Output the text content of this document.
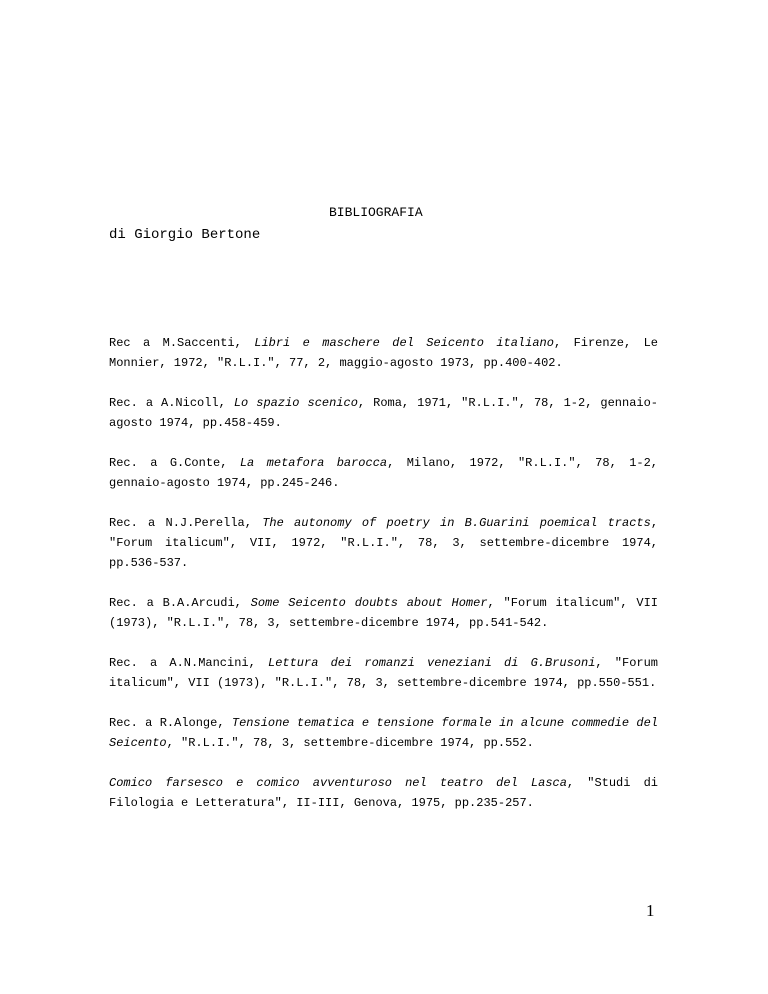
BIBLIOGRAFIA
di Giorgio Bertone

Rec a M.Saccenti, Libri e maschere del Seicento italiano, Firenze, Le Monnier, 1972, "R.L.I.", 77, 2, maggio-agosto 1973, pp.400-402.

Rec. a A.Nicoll, Lo spazio scenico, Roma, 1971, "R.L.I.", 78, 1-2, gennaio-agosto 1974, pp.458-459.

Rec. a G.Conte, La metafora barocca, Milano, 1972, "R.L.I.", 78, 1-2, gennaio-agosto 1974, pp.245-246.

Rec. a N.J.Perella, The autonomy of poetry in B.Guarini poemical tracts, "Forum italicum", VII, 1972, "R.L.I.", 78, 3, settembre-dicembre 1974, pp.536-537.

Rec. a B.A.Arcudi, Some Seicento doubts about Homer, "Forum italicum", VII (1973), "R.L.I.", 78, 3, settembre-dicembre 1974, pp.541-542.

Rec. a A.N.Mancini, Lettura dei romanzi veneziani di G.Brusoni, "Forum italicum", VII (1973), "R.L.I.", 78, 3, settembre-dicembre 1974, pp.550-551.

Rec. a R.Alonge, Tensione tematica e tensione formale in alcune commedie del Seicento, "R.L.I.", 78, 3, settembre-dicembre 1974, pp.552.

Comico farsesco e comico avventuroso nel teatro del Lasca, "Studi di Filologia e Letteratura", II-III, Genova, 1975, pp.235-257.

1
